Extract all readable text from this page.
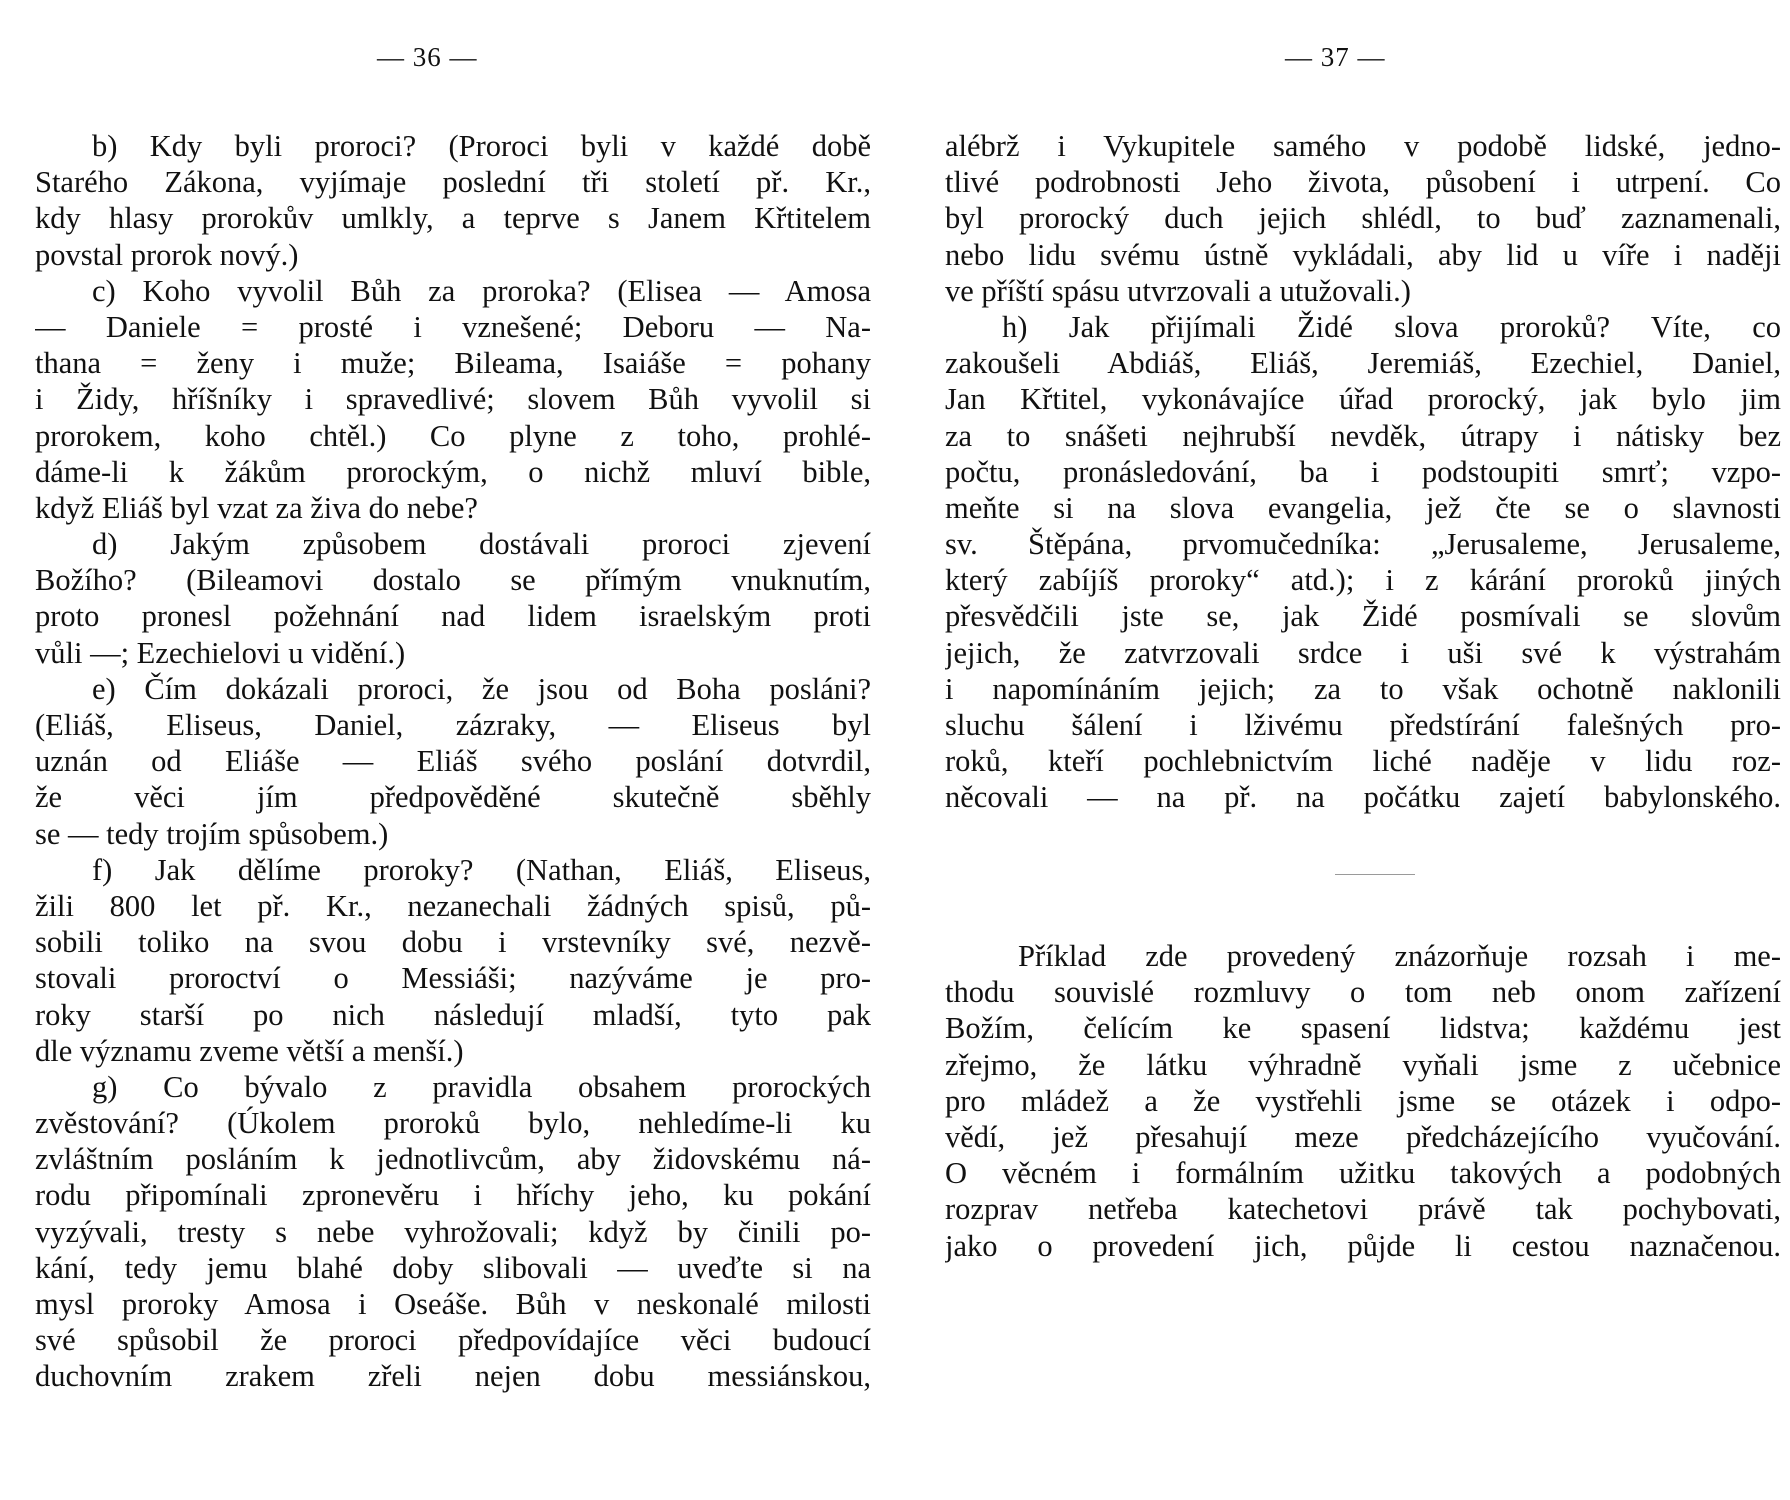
— 36 —	— 37 —
b) Kdy byli proroci? (Proroci byli v každé době
Starého Zákona, vyjímaje poslední tři století př. Kr.,
kdy hlasy prorokův umlkly, a teprve s Janem Křtitelem
povstal prorok nový.)
c) Koho vyvolil Bůh za proroka? (Elisea — Amosa
— Daniele = prosté i vznešené; Deboru — Na-
thana = ženy i muže; Bileama, Isaiáše = pohany
i Židy, hříšníky i spravedlivé; slovem Bůh vyvolil si
prorokem, koho chtěl.) Co plyne z toho, prohlé-
dáme-li k žákům prorockým, o nichž mluví bible,
když Eliáš byl vzat za živa do nebe?
d) Jakým způsobem dostávali proroci zjevení
Božího? (Bileamovi dostalo se přímým vnuknutím,
proto pronesl požehnání nad lidem israelským proti
vůli —; Ezechielovi u vidění.)
e) Čím dokázali proroci, že jsou od Boha posláni?
(Eliáš, Eliseus, Daniel, zázraky, — Eliseus byl
uznán od Eliáše — Eliáš svého poslání dotvrdil,
že věci jím předpověděné skutečně sběhly
se — tedy trojím spůsobem.)
f) Jak dělíme proroky? (Nathan, Eliáš, Eliseus,
žili 800 let př. Kr., nezanechali žádných spisů, pů-
sobili toliko na svou dobu i vrstevníky své, nezvě-
stovali proroctví o Messiáši; nazýváme je pro-
roky starší po nich následují mladší, tyto pak
dle významu zveme větší a menší.)
g) Co bývalo z pravidla obsahem prorockých
zvěstování? (Úkolem proroků bylo, nehledíme-li ku
zvláštním posláním k jednotlivcům, aby židovskému ná-
rodu připomínali zpronevěru i hříchy jeho, ku pokání
vyzývali, tresty s nebe vyhrožovali; když by činili po-
kání, tedy jemu blahé doby slibovali — uveďte si na
mysl proroky Amosa i Oseáše. Bůh v neskonalé milosti
své spůsobil že proroci předpovídajíce věci budoucí
duchovním zrakem zřeli nejen dobu messiánskou,
alébrž i Vykupitele samého v podobě lidské, jedno-
tlivé podrobnosti Jeho života, působení i utrpení. Co
byl prorocký duch jejich shlédl, to buď zaznamenali,
nebo lidu svému ústně vykládali, aby lid u víře i naději
ve příští spásu utvrzovali a utužovali.)
h) Jak přijímali Židé slova proroků? Víte, co
zakoušeli Abdiáš, Eliáš, Jeremiáš, Ezechiel, Daniel,
Jan Křtitel, vykonávajíce úřad prorocký, jak bylo jim
za to snášeti nejhrubší nevděk, útrapy i nátisky bez
počtu, pronásledování, ba i podstoupiti smrť; vzpo-
meňte si na slova evangelia, jež čte se o slavnosti
sv. Štěpána, prvomučedníka: „Jerusaleme, Jerusaleme,
který zabíjíš proroky“ atd.); i z kárání proroků jiných
přesvědčili jste se, jak Židé posmívali se slovům
jejich, že zatvrzovali srdce i uši své k výstrahám
i napomínáním jejich; za to však ochotně naklonili
sluchu šálení i lživému předstírání falešných pro-
roků, kteří pochlebnictvím liché naděje v lidu roz-
něcovali — na př. na počátku zajetí babylonského.
Příklad zde provedený znázorňuje rozsah i me-
thodu souvislé rozmluvy o tom neb onom zařízení
Božím, čelícím ke spasení lidstva; každému jest
zřejmo, že látku výhradně vyňali jsme z učebnice
pro mládež a že vystřehli jsme se otázek i odpo-
vědí, jež přesahují meze předcházejícího vyučování.
O věcném i formálním užitku takových a podobných
rozprav netřeba katechetovi právě tak pochybovati,
jako o provedení jich, půjde li cestou naznačenou.
